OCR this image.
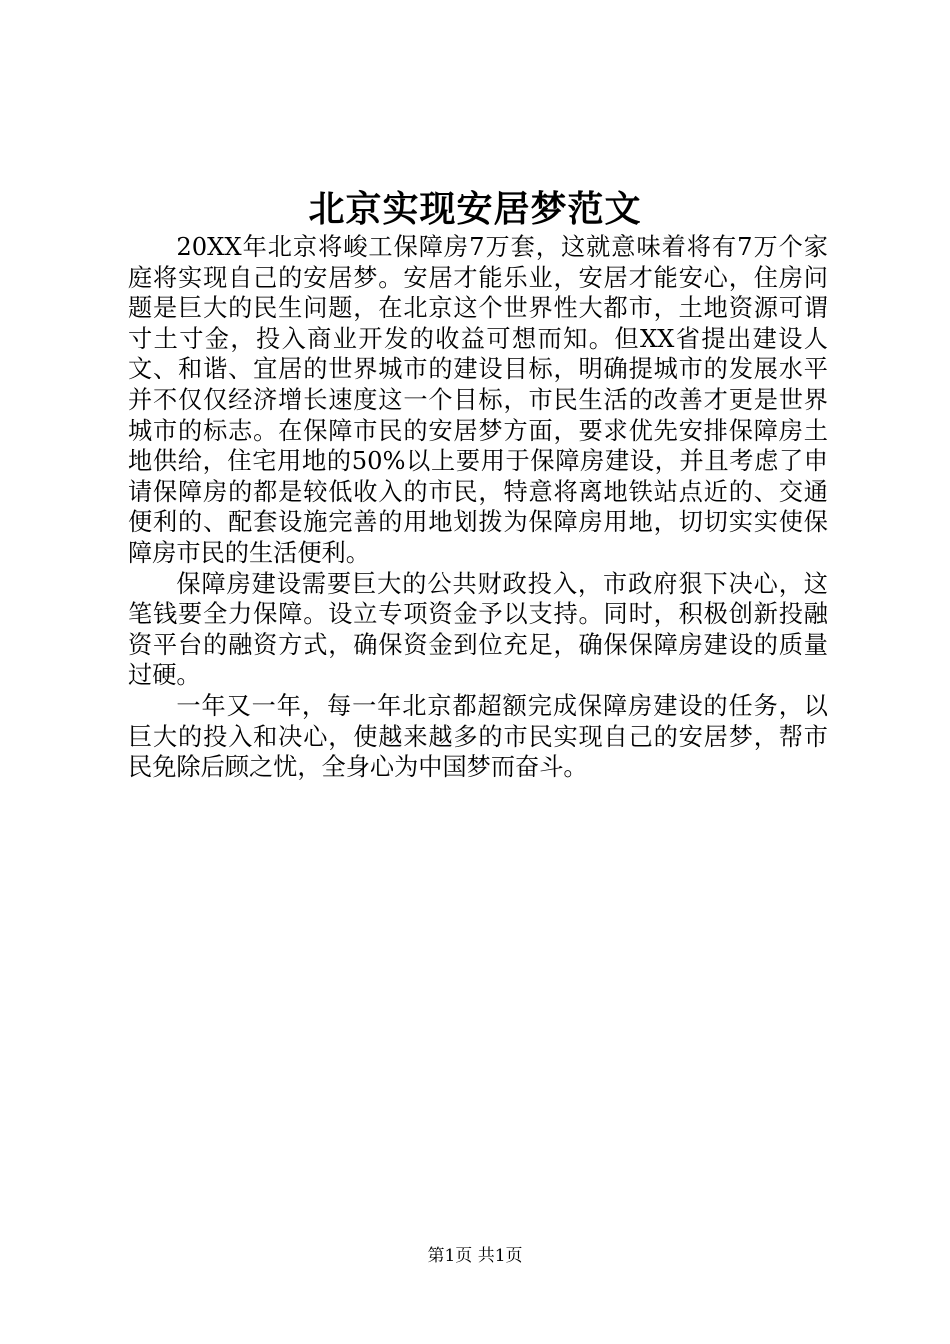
北京实现安居梦范文

20XX年北京将峻工保障房7万套，这就意味着将有7万个家庭将实现自己的安居梦。安居才能乐业，安居才能安心，住房问题是巨大的民生问题，在北京这个世界性大都市，土地资源可谓寸土寸金，投入商业开发的收益可想而知。但XX省提出建设人文、和谐、宜居的世界城市的建设目标，明确提城市的发展水平并不仅仅经济增长速度这一个目标，市民生活的改善才更是世界城市的标志。在保障市民的安居梦方面，要求优先安排保障房土地供给，住宅用地的50%以上要用于保障房建设，并且考虑了申请保障房的都是较低收入的市民，特意将离地铁站点近的、交通便利的、配套设施完善的用地划拨为保障房用地，切切实实使保障房市民的生活便利。

保障房建设需要巨大的公共财政投入，市政府狠下决心，这笔钱要全力保障。设立专项资金予以支持。同时，积极创新投融资平台的融资方式，确保资金到位充足，确保保障房建设的质量过硬。

一年又一年，每一年北京都超额完成保障房建设的任务，以巨大的投入和决心，使越来越多的市民实现自己的安居梦，帮市民免除后顾之忧，全身心为中国梦而奋斗。

第1页 共1页
